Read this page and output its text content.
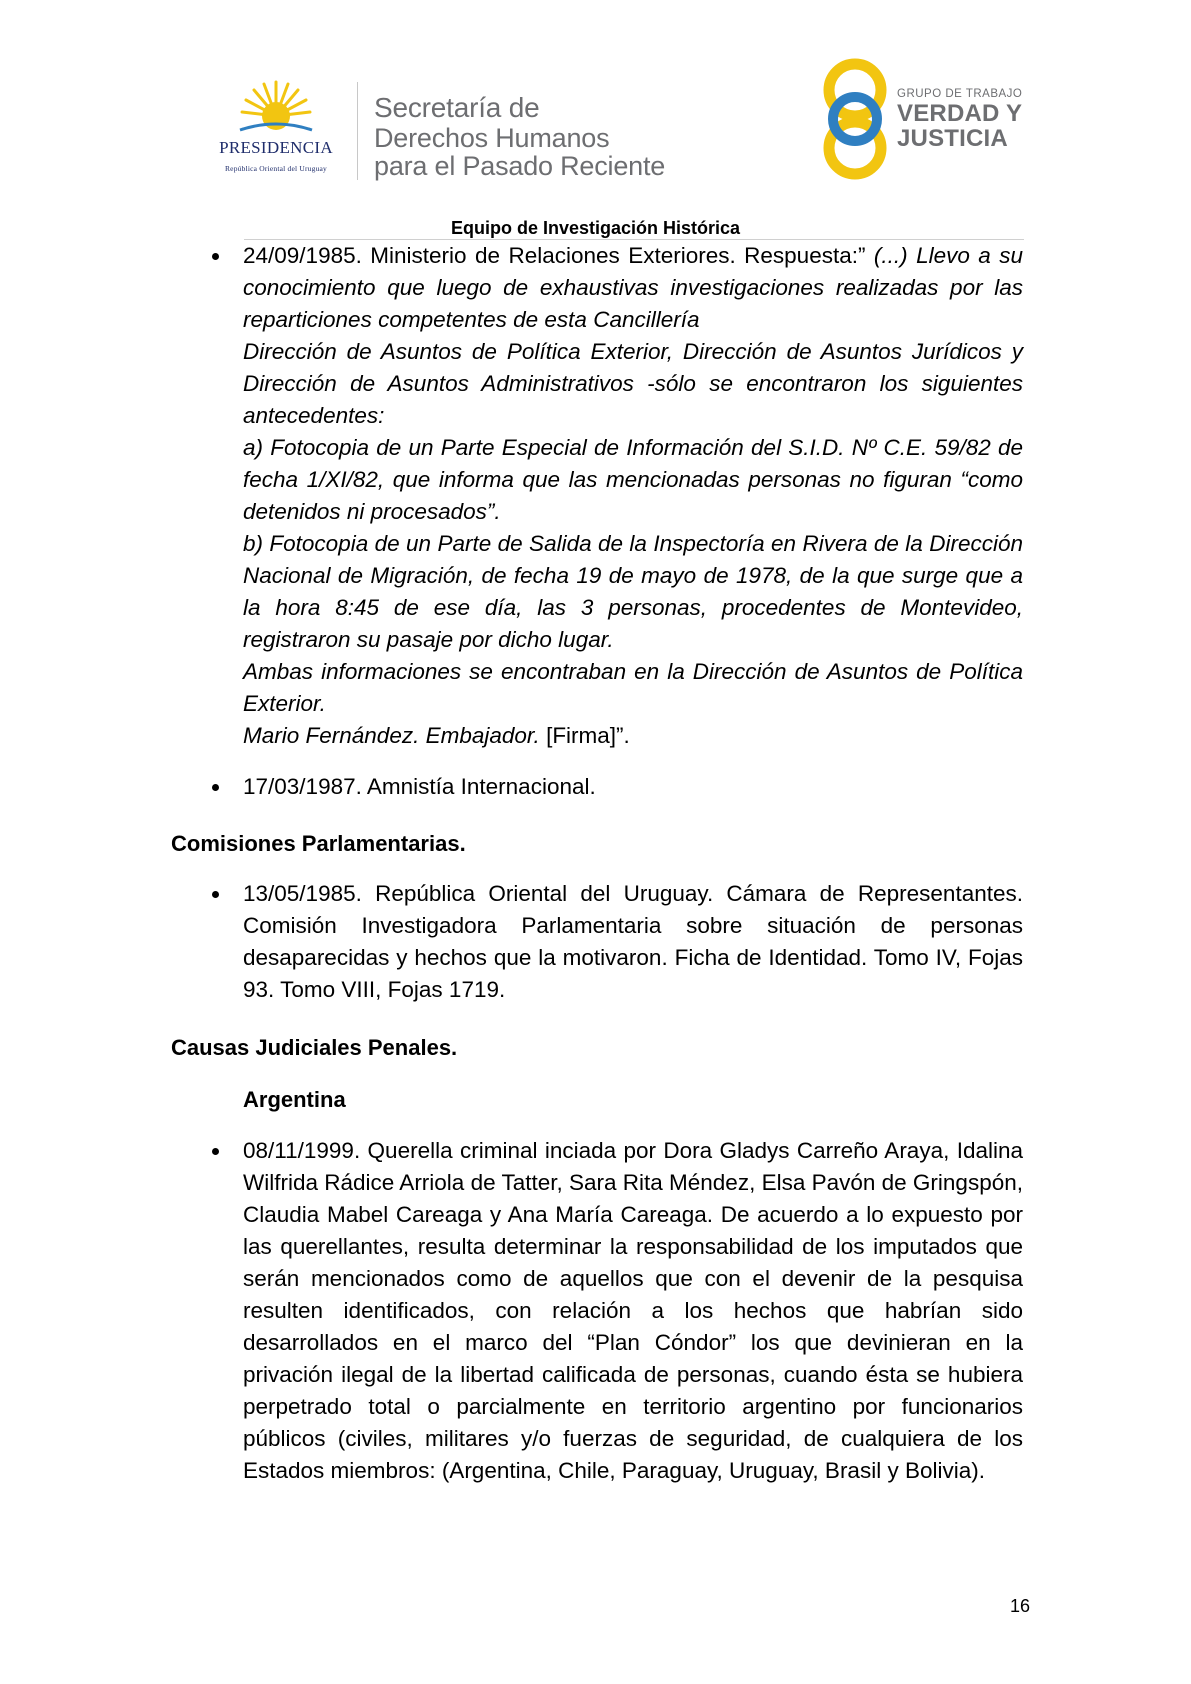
PRESIDENCIA
República Oriental del Uruguay
Secretaría de
Derechos Humanos
para el Pasado Reciente
GRUPO DE TRABAJO
VERDAD Y
JUSTICIA
Equipo de Investigación Histórica
24/09/1985. Ministerio de Relaciones Exteriores. Respuesta:” (...) Llevo a su conocimiento que luego de exhaustivas investigaciones realizadas por las reparticiones competentes de esta Cancillería
Dirección de Asuntos de Política Exterior, Dirección de Asuntos Jurídicos y Dirección de Asuntos Administrativos -sólo se encontraron los siguientes antecedentes:
a) Fotocopia de un Parte Especial de Información del S.I.D. Nº C.E. 59/82 de fecha 1/XI/82, que informa que las mencionadas personas no figuran “como detenidos ni procesados”.
b) Fotocopia de un Parte de Salida de la Inspectoría en Rivera de la Dirección Nacional de Migración, de fecha 19 de mayo de 1978, de la que surge que a la hora 8:45 de ese día, las 3 personas, procedentes de Montevideo, registraron su pasaje por dicho lugar.
Ambas informaciones se encontraban en la Dirección de Asuntos de Política Exterior.
Mario Fernández. Embajador. [Firma]”.
17/03/1987. Amnistía Internacional.
Comisiones Parlamentarias.
13/05/1985. República Oriental del Uruguay. Cámara de Representantes. Comisión Investigadora Parlamentaria sobre situación de personas desaparecidas y hechos que la motivaron. Ficha de Identidad. Tomo IV, Fojas 93. Tomo VIII, Fojas 1719.
Causas Judiciales Penales.
Argentina
08/11/1999. Querella criminal inciada por Dora Gladys Carreño Araya, Idalina Wilfrida Rádice Arriola de Tatter, Sara Rita Méndez, Elsa Pavón de Gringspón, Claudia Mabel Careaga y Ana María Careaga. De acuerdo a lo expuesto por las querellantes, resulta determinar la responsabilidad de los imputados que serán mencionados como de aquellos que con el devenir de la pesquisa resulten identificados, con relación a los hechos que habrían sido desarrollados en el marco del “Plan Cóndor” los que devinieran en la privación ilegal de la libertad calificada de personas, cuando ésta se hubiera perpetrado total o parcialmente en territorio argentino por funcionarios públicos (civiles, militares y/o fuerzas de seguridad, de cualquiera de los Estados miembros: (Argentina, Chile, Paraguay, Uruguay, Brasil y Bolivia).
16
